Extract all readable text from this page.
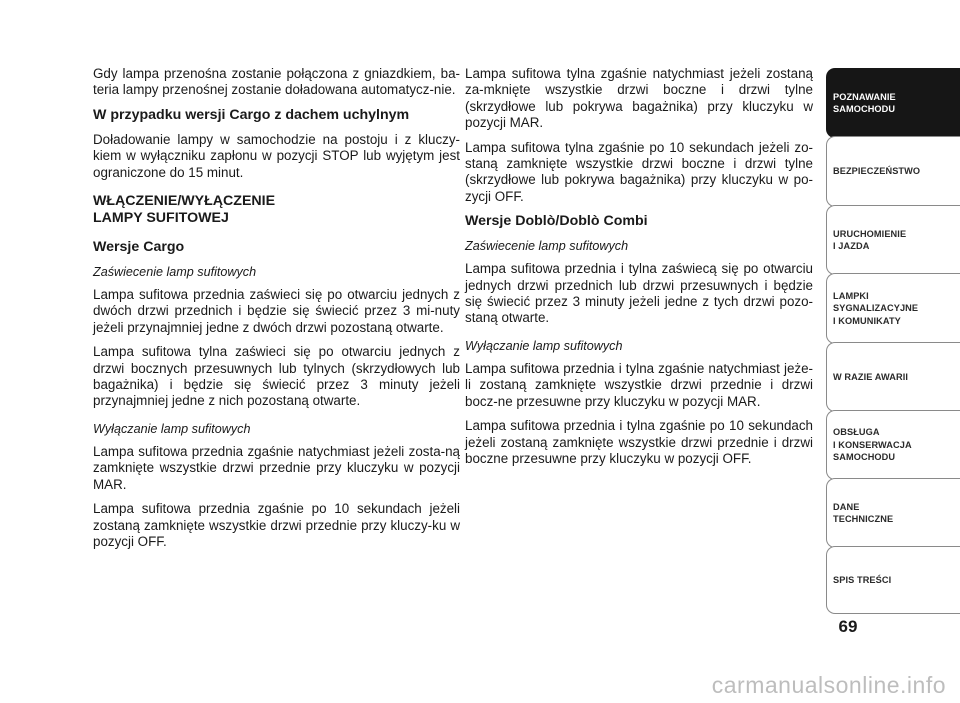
Gdy lampa przenośna zostanie połączona z gniazdkiem, ba-teria lampy przenośnej zostanie doładowana automatycz-nie.

W przypadku wersji Cargo z dachem uchylnym

Doładowanie lampy w samochodzie na postoju i z kluczy-kiem w wyłączniku zapłonu w pozycji STOP lub wyjętym jest ograniczone do 15 minut.

WŁĄCZENIE/WYŁĄCZENIE
LAMPY SUFITOWEJ
Wersje Cargo
Zaświecenie lamp sufitowych

Lampa sufitowa przednia zaświeci się po otwarciu jednych z dwóch drzwi przednich i będzie się świecić przez 3 mi-nuty jeżeli przynajmniej jedne z dwóch drzwi pozostaną otwarte.

Lampa sufitowa tylna zaświeci się po otwarciu jednych z drzwi bocznych przesuwnych lub tylnych (skrzydłowych lub bagażnika) i będzie się świecić przez 3 minuty jeżeli przynajmniej jedne z nich pozostaną otwarte.

Wyłączanie lamp sufitowych

Lampa sufitowa przednia zgaśnie natychmiast jeżeli zosta-ną zamknięte wszystkie drzwi przednie przy kluczyku w pozycji MAR.

Lampa sufitowa przednia zgaśnie po 10 sekundach jeżeli zostaną zamknięte wszystkie drzwi przednie przy kluczy-ku w pozycji OFF.

Lampa sufitowa tylna zgaśnie natychmiast jeżeli zostaną za-mknięte wszystkie drzwi boczne i drzwi tylne (skrzydłowe lub pokrywa bagażnika) przy kluczyku w pozycji MAR.

Lampa sufitowa tylna zgaśnie po 10 sekundach jeżeli zo-staną zamknięte wszystkie drzwi boczne i drzwi tylne (skrzydłowe lub pokrywa bagażnika) przy kluczyku w po-zycji OFF.

Wersje Doblò/Doblò Combi
Zaświecenie lamp sufitowych

Lampa sufitowa przednia i tylna zaświecą się po otwarciu jednych drzwi przednich lub drzwi przesuwnych i będzie się świecić przez 3 minuty jeżeli jedne z tych drzwi pozo-staną otwarte.

Wyłączanie lamp sufitowych

Lampa sufitowa przednia i tylna zgaśnie natychmiast jeże-li zostaną zamknięte wszystkie drzwi przednie i drzwi bocz-ne przesuwne przy kluczyku w pozycji MAR.

Lampa sufitowa przednia i tylna zgaśnie po 10 sekundach jeżeli zostaną zamknięte wszystkie drzwi przednie i drzwi boczne przesuwne przy kluczyku w pozycji OFF.

POZNAWANIE
SAMOCHODU
BEZPIECZEŃSTWO
URUCHOMIENIE
I JAZDA
LAMPKI
SYGNALIZACYJNE
I KOMUNIKATY
W RAZIE AWARII
OBSŁUGA
I KONSERWACJA
SAMOCHODU
DANE
TECHNICZNE
SPIS TREŚCI
69
carmanualsonline.info
